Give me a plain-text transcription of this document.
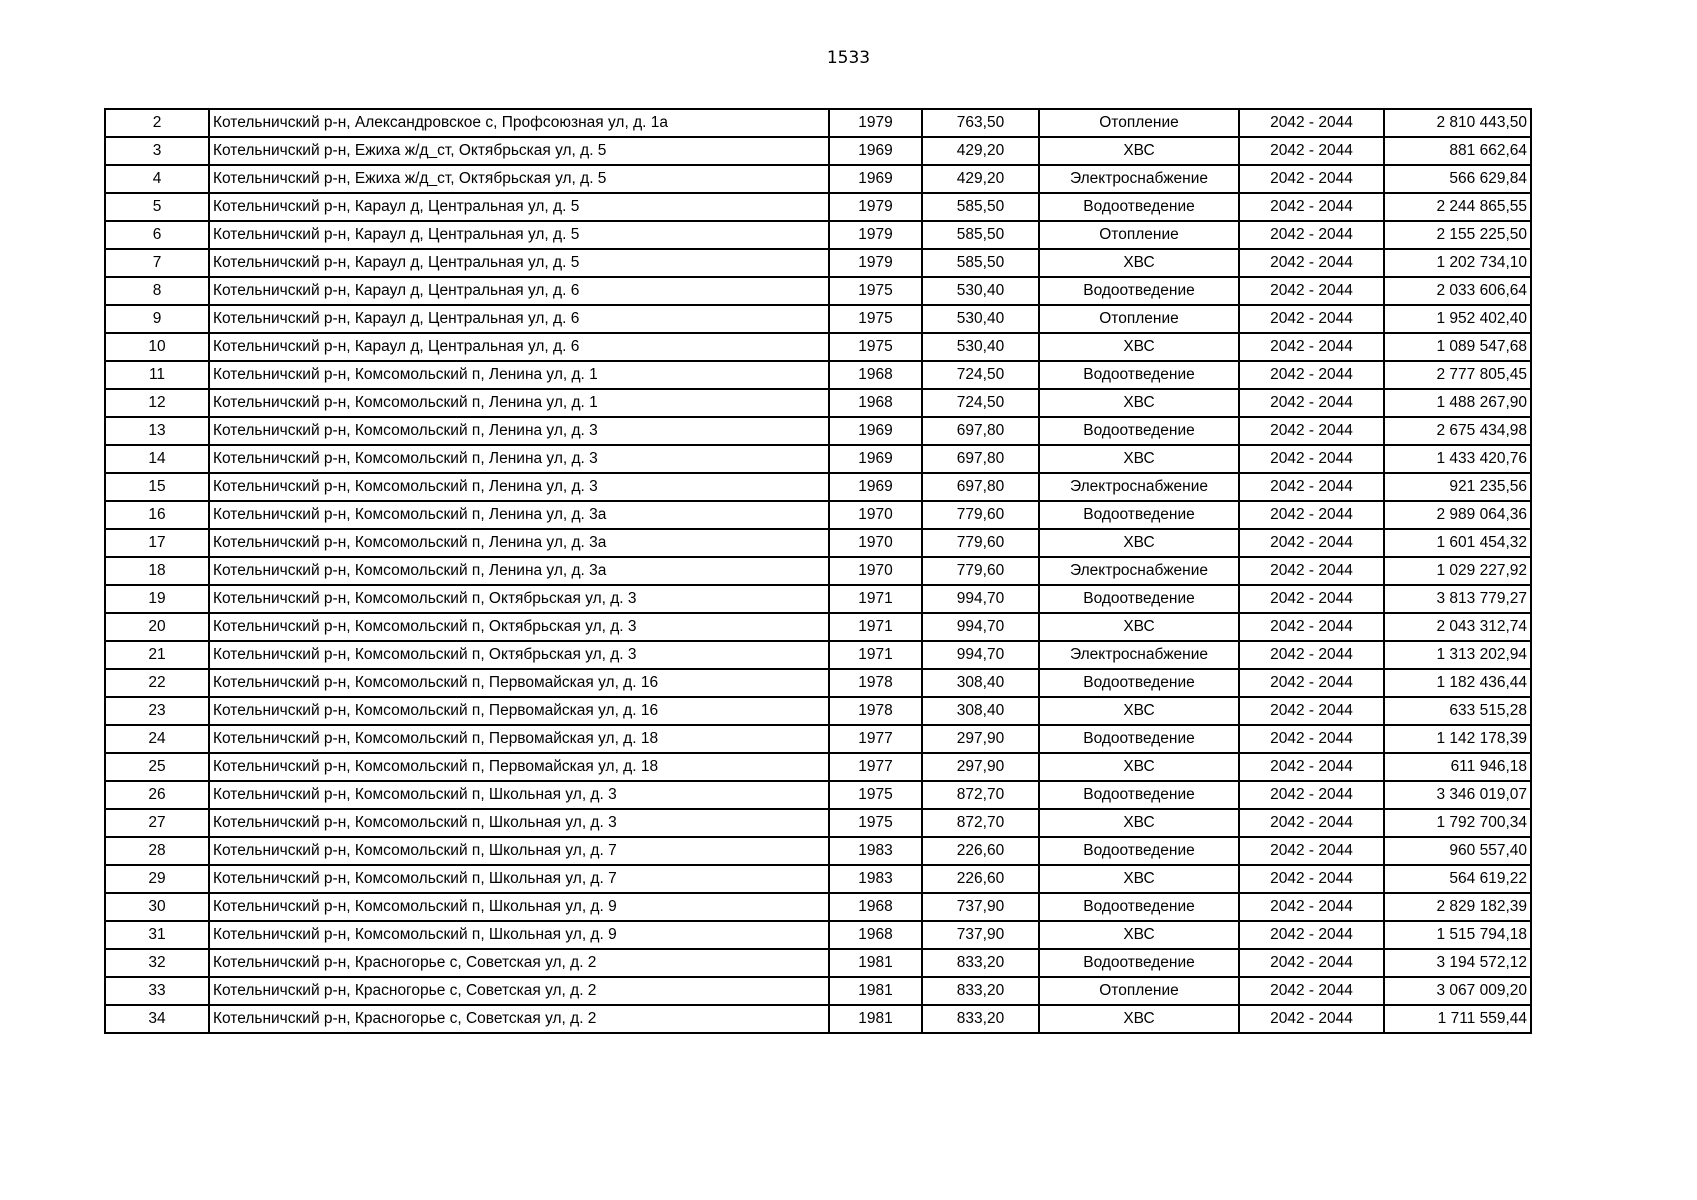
1533
2	Котельничский р-н, Александровское с, Профсоюзная ул, д. 1а	1979	763,50	Отопление	2042 - 2044	2 810 443,50
3	Котельничский р-н, Ежиха ж/д_ст, Октябрьская ул, д. 5	1969	429,20	ХВС	2042 - 2044	881 662,64
4	Котельничский р-н, Ежиха ж/д_ст, Октябрьская ул, д. 5	1969	429,20	Электроснабжение	2042 - 2044	566 629,84
5	Котельничский р-н, Караул д, Центральная ул, д. 5	1979	585,50	Водоотведение	2042 - 2044	2 244 865,55
6	Котельничский р-н, Караул д, Центральная ул, д. 5	1979	585,50	Отопление	2042 - 2044	2 155 225,50
7	Котельничский р-н, Караул д, Центральная ул, д. 5	1979	585,50	ХВС	2042 - 2044	1 202 734,10
8	Котельничский р-н, Караул д, Центральная ул, д. 6	1975	530,40	Водоотведение	2042 - 2044	2 033 606,64
9	Котельничский р-н, Караул д, Центральная ул, д. 6	1975	530,40	Отопление	2042 - 2044	1 952 402,40
10	Котельничский р-н, Караул д, Центральная ул, д. 6	1975	530,40	ХВС	2042 - 2044	1 089 547,68
11	Котельничский р-н, Комсомольский п, Ленина ул, д. 1	1968	724,50	Водоотведение	2042 - 2044	2 777 805,45
12	Котельничский р-н, Комсомольский п, Ленина ул, д. 1	1968	724,50	ХВС	2042 - 2044	1 488 267,90
13	Котельничский р-н, Комсомольский п, Ленина ул, д. 3	1969	697,80	Водоотведение	2042 - 2044	2 675 434,98
14	Котельничский р-н, Комсомольский п, Ленина ул, д. 3	1969	697,80	ХВС	2042 - 2044	1 433 420,76
15	Котельничский р-н, Комсомольский п, Ленина ул, д. 3	1969	697,80	Электроснабжение	2042 - 2044	921 235,56
16	Котельничский р-н, Комсомольский п, Ленина ул, д. 3а	1970	779,60	Водоотведение	2042 - 2044	2 989 064,36
17	Котельничский р-н, Комсомольский п, Ленина ул, д. 3а	1970	779,60	ХВС	2042 - 2044	1 601 454,32
18	Котельничский р-н, Комсомольский п, Ленина ул, д. 3а	1970	779,60	Электроснабжение	2042 - 2044	1 029 227,92
19	Котельничский р-н, Комсомольский п, Октябрьская ул, д. 3	1971	994,70	Водоотведение	2042 - 2044	3 813 779,27
20	Котельничский р-н, Комсомольский п, Октябрьская ул, д. 3	1971	994,70	ХВС	2042 - 2044	2 043 312,74
21	Котельничский р-н, Комсомольский п, Октябрьская ул, д. 3	1971	994,70	Электроснабжение	2042 - 2044	1 313 202,94
22	Котельничский р-н, Комсомольский п, Первомайская ул, д. 16	1978	308,40	Водоотведение	2042 - 2044	1 182 436,44
23	Котельничский р-н, Комсомольский п, Первомайская ул, д. 16	1978	308,40	ХВС	2042 - 2044	633 515,28
24	Котельничский р-н, Комсомольский п, Первомайская ул, д. 18	1977	297,90	Водоотведение	2042 - 2044	1 142 178,39
25	Котельничский р-н, Комсомольский п, Первомайская ул, д. 18	1977	297,90	ХВС	2042 - 2044	611 946,18
26	Котельничский р-н, Комсомольский п, Школьная ул, д. 3	1975	872,70	Водоотведение	2042 - 2044	3 346 019,07
27	Котельничский р-н, Комсомольский п, Школьная ул, д. 3	1975	872,70	ХВС	2042 - 2044	1 792 700,34
28	Котельничский р-н, Комсомольский п, Школьная ул, д. 7	1983	226,60	Водоотведение	2042 - 2044	960 557,40
29	Котельничский р-н, Комсомольский п, Школьная ул, д. 7	1983	226,60	ХВС	2042 - 2044	564 619,22
30	Котельничский р-н, Комсомольский п, Школьная ул, д. 9	1968	737,90	Водоотведение	2042 - 2044	2 829 182,39
31	Котельничский р-н, Комсомольский п, Школьная ул, д. 9	1968	737,90	ХВС	2042 - 2044	1 515 794,18
32	Котельничский р-н, Красногорье с, Советская ул, д. 2	1981	833,20	Водоотведение	2042 - 2044	3 194 572,12
33	Котельничский р-н, Красногорье с, Советская ул, д. 2	1981	833,20	Отопление	2042 - 2044	3 067 009,20
34	Котельничский р-н, Красногорье с, Советская ул, д. 2	1981	833,20	ХВС	2042 - 2044	1 711 559,44
